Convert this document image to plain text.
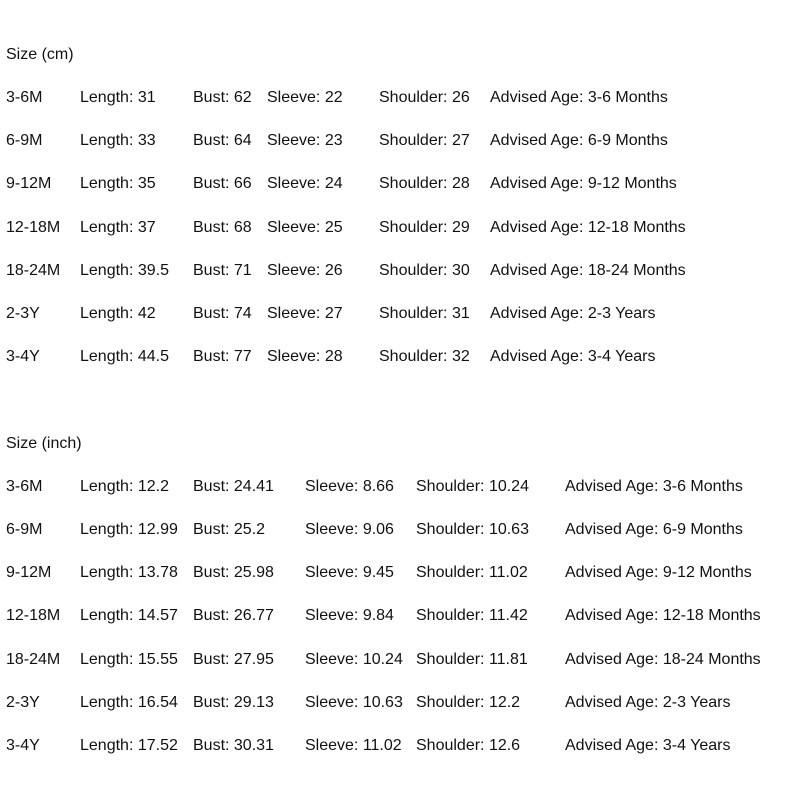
Size (cm)
3-6M Length: 31 Bust: 62 Sleeve: 22 Shoulder: 26 Advised Age: 3-6 Months
6-9M Length: 33 Bust: 64 Sleeve: 23 Shoulder: 27 Advised Age: 6-9 Months
9-12M Length: 35 Bust: 66 Sleeve: 24 Shoulder: 28 Advised Age: 9-12 Months
12-18M Length: 37 Bust: 68 Sleeve: 25 Shoulder: 29 Advised Age: 12-18 Months
18-24M Length: 39.5 Bust: 71 Sleeve: 26 Shoulder: 30 Advised Age: 18-24 Months
2-3Y	Length: 42 Bust: 74 Sleeve: 27 Shoulder: 31 Advised Age: 2-3 Years
3-4Y	Length: 44.5 Bust: 77 Sleeve: 28 Shoulder: 32 Advised Age: 3-4 Years
Size (inch)
3-6M Length: 12.2 Bust: 24.41 Sleeve: 8.66 Shoulder: 10.24 Advised Age: 3-6 Months
6-9M Length: 12.99 Bust: 25.2 Sleeve: 9.06 Shoulder: 10.63 Advised Age: 6-9 Months
9-12M Length: 13.78 Bust: 25.98 Sleeve: 9.45 Shoulder: 11.02 Advised Age: 9-12 Months
12-18M Length: 14.57 Bust: 26.77 Sleeve: 9.84 Shoulder: 11.42 Advised Age: 12-18 Months
18-24M Length: 15.55 Bust: 27.95 Sleeve: 10.24 Shoulder: 11.81 Advised Age: 18-24 Months
2-3Y	Length: 16.54 Bust: 29.13 Sleeve: 10.63 Shoulder: 12.2	Advised Age: 2-3 Years
3-4Y	Length: 17.52 Bust: 30.31 Sleeve: 11.02 Shoulder: 12.6	Advised Age: 3-4 Years
